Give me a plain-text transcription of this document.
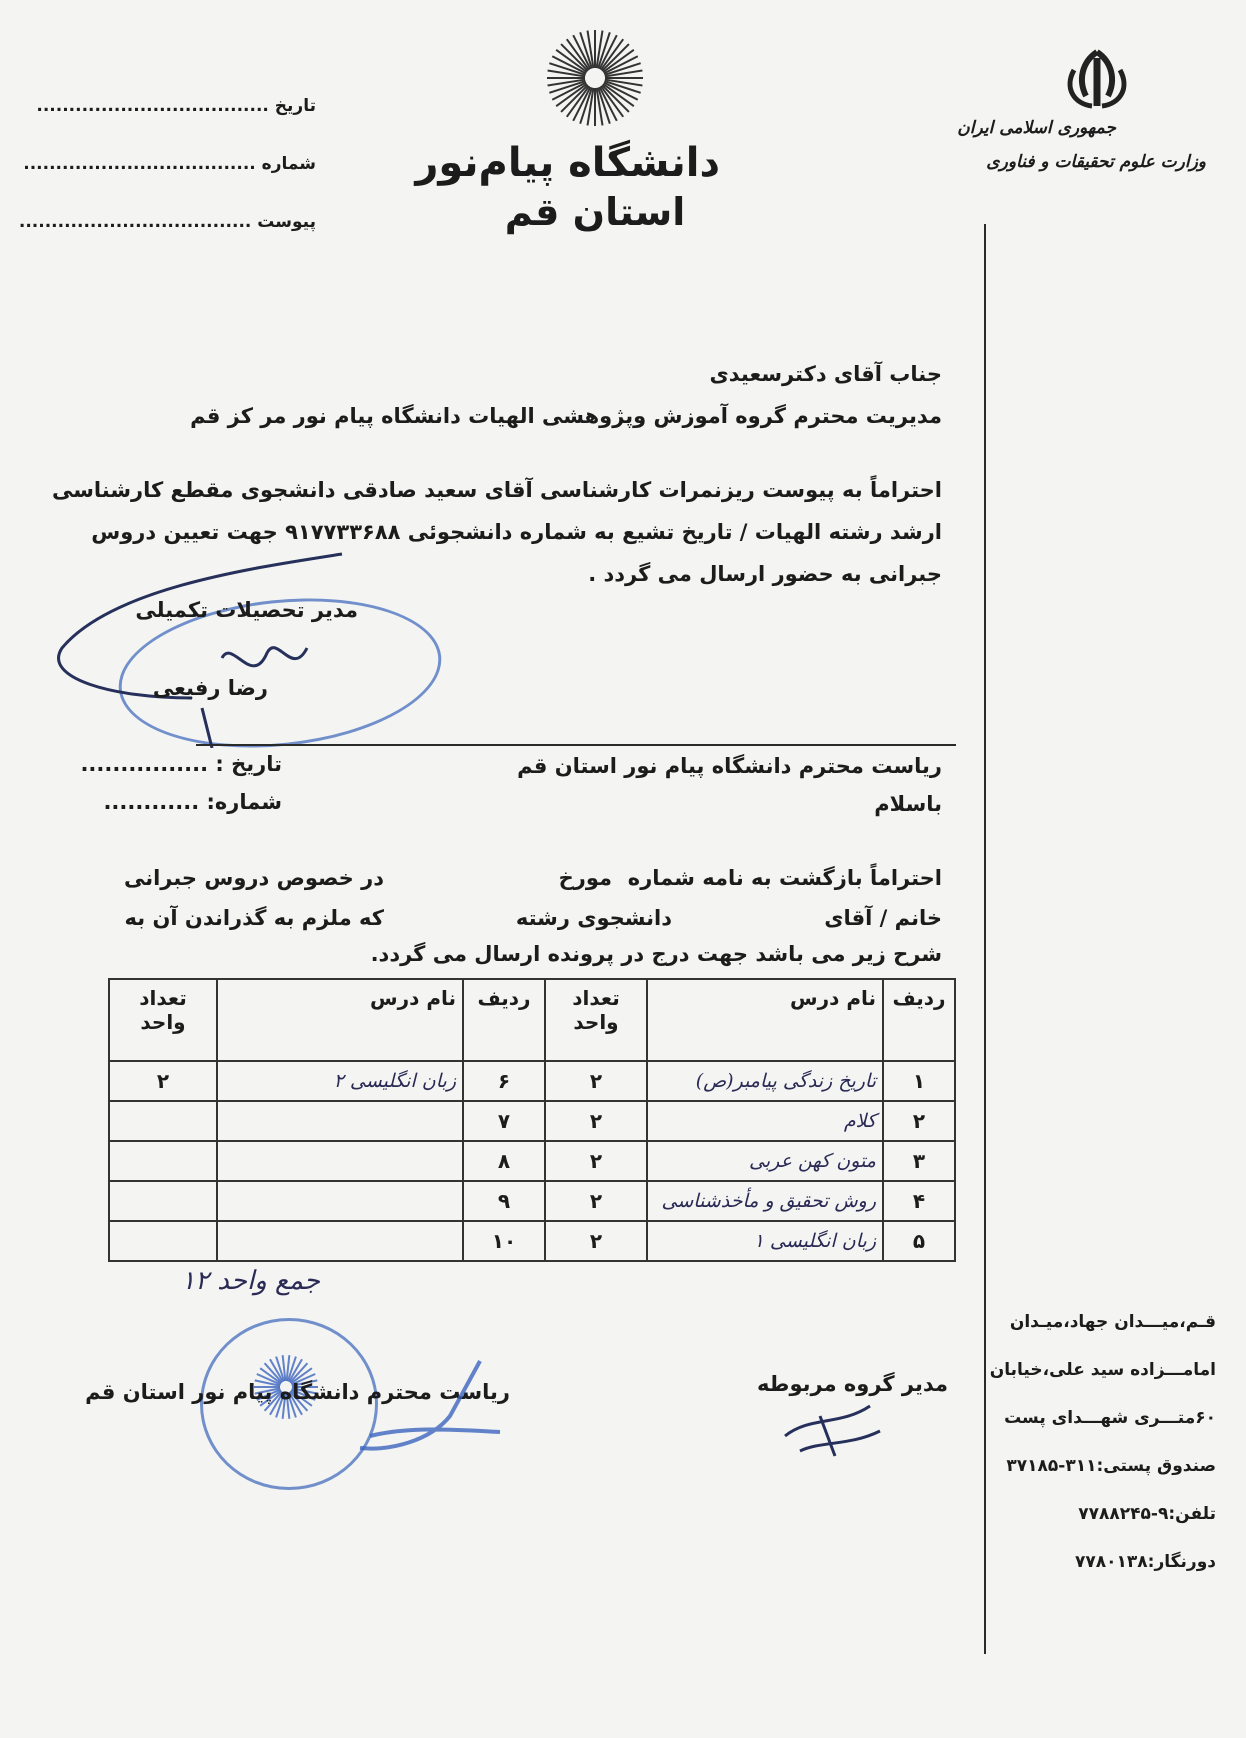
جمهوری اسلامی ایران
وزارت علوم تحقیقات و فناوری
دانشگاه پیام‌نور
استان قم
تاریخ ....................................
شماره ....................................
پیوست ....................................
جناب آقای دکترسعیدی
مدیریت محترم گروه آموزش وپژوهشی الهیات دانشگاه پیام نور مر کز قم
احتراماً به پیوست ریزنمرات کارشناسی آقای سعید صادقی دانشجوی مقطع کارشناسی
ارشد رشته الهیات / تاریخ تشیع به شماره دانشجوئی ۹۱۷۷۳۳۶۸۸ جهت تعیین دروس
جبرانی به حضور ارسال می گردد .
مدیر تحصیلات تکمیلی
رضا رفیعی
تاریخ : ................
شماره: ............
ریاست محترم دانشگاه پیام نور استان قم
باسلام
احتراماً بازگشت به نامه شماره
مورخ
در خصوص دروس جبرانی
خانم / آقای
دانشجوی رشته
که ملزم به گذراندن آن به
شرح زیر می باشد جهت درج در پرونده ارسال می گردد.
ردیف	نام درس	تعداد واحد	ردیف	نام درس	تعداد واحد
۱	تاریخ زندگی پیامبر(ص)	۲	۶	زبان انگلیسی ۲	۲
۲	کلام	۲	۷		
۳	متون کهن عربی	۲	۸		
۴	روش تحقیق و مأخذشناسی	۲	۹		
۵	زبان انگلیسی ۱	۲	۱۰		
جمع واحد ۱۲
مدیر گروه مربوطه
ریاست محترم دانشگاه پیام نور استان قم
قـم،میـــدان جهاد،میـدان
امامـــزاده سید علی،خیابان
۶۰متـــری شهـــدای پست
صندوق پستی:۳۱۱-۳۷۱۸۵
تلفن:۹-۷۷۸۸۲۴۵
دورنگار:۷۷۸۰۱۳۸
